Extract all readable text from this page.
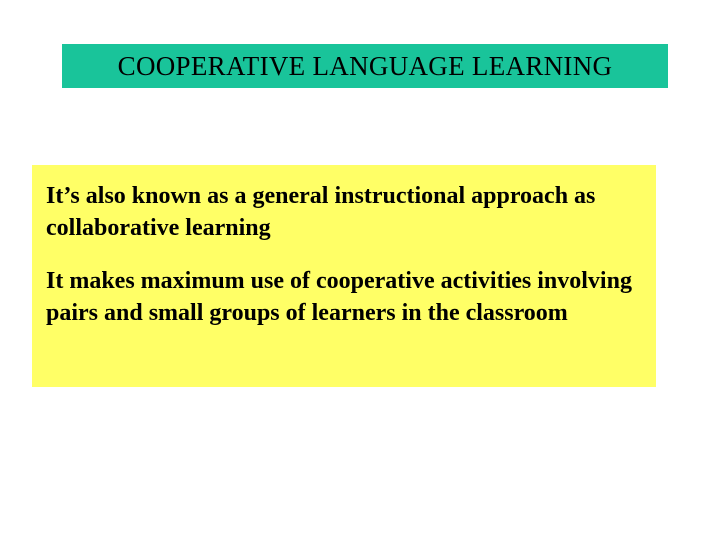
COOPERATIVE LANGUAGE LEARNING

It’s also known as a general instructional approach as collaborative learning

It makes maximum use of cooperative activities involving pairs and small groups of learners in the classroom
